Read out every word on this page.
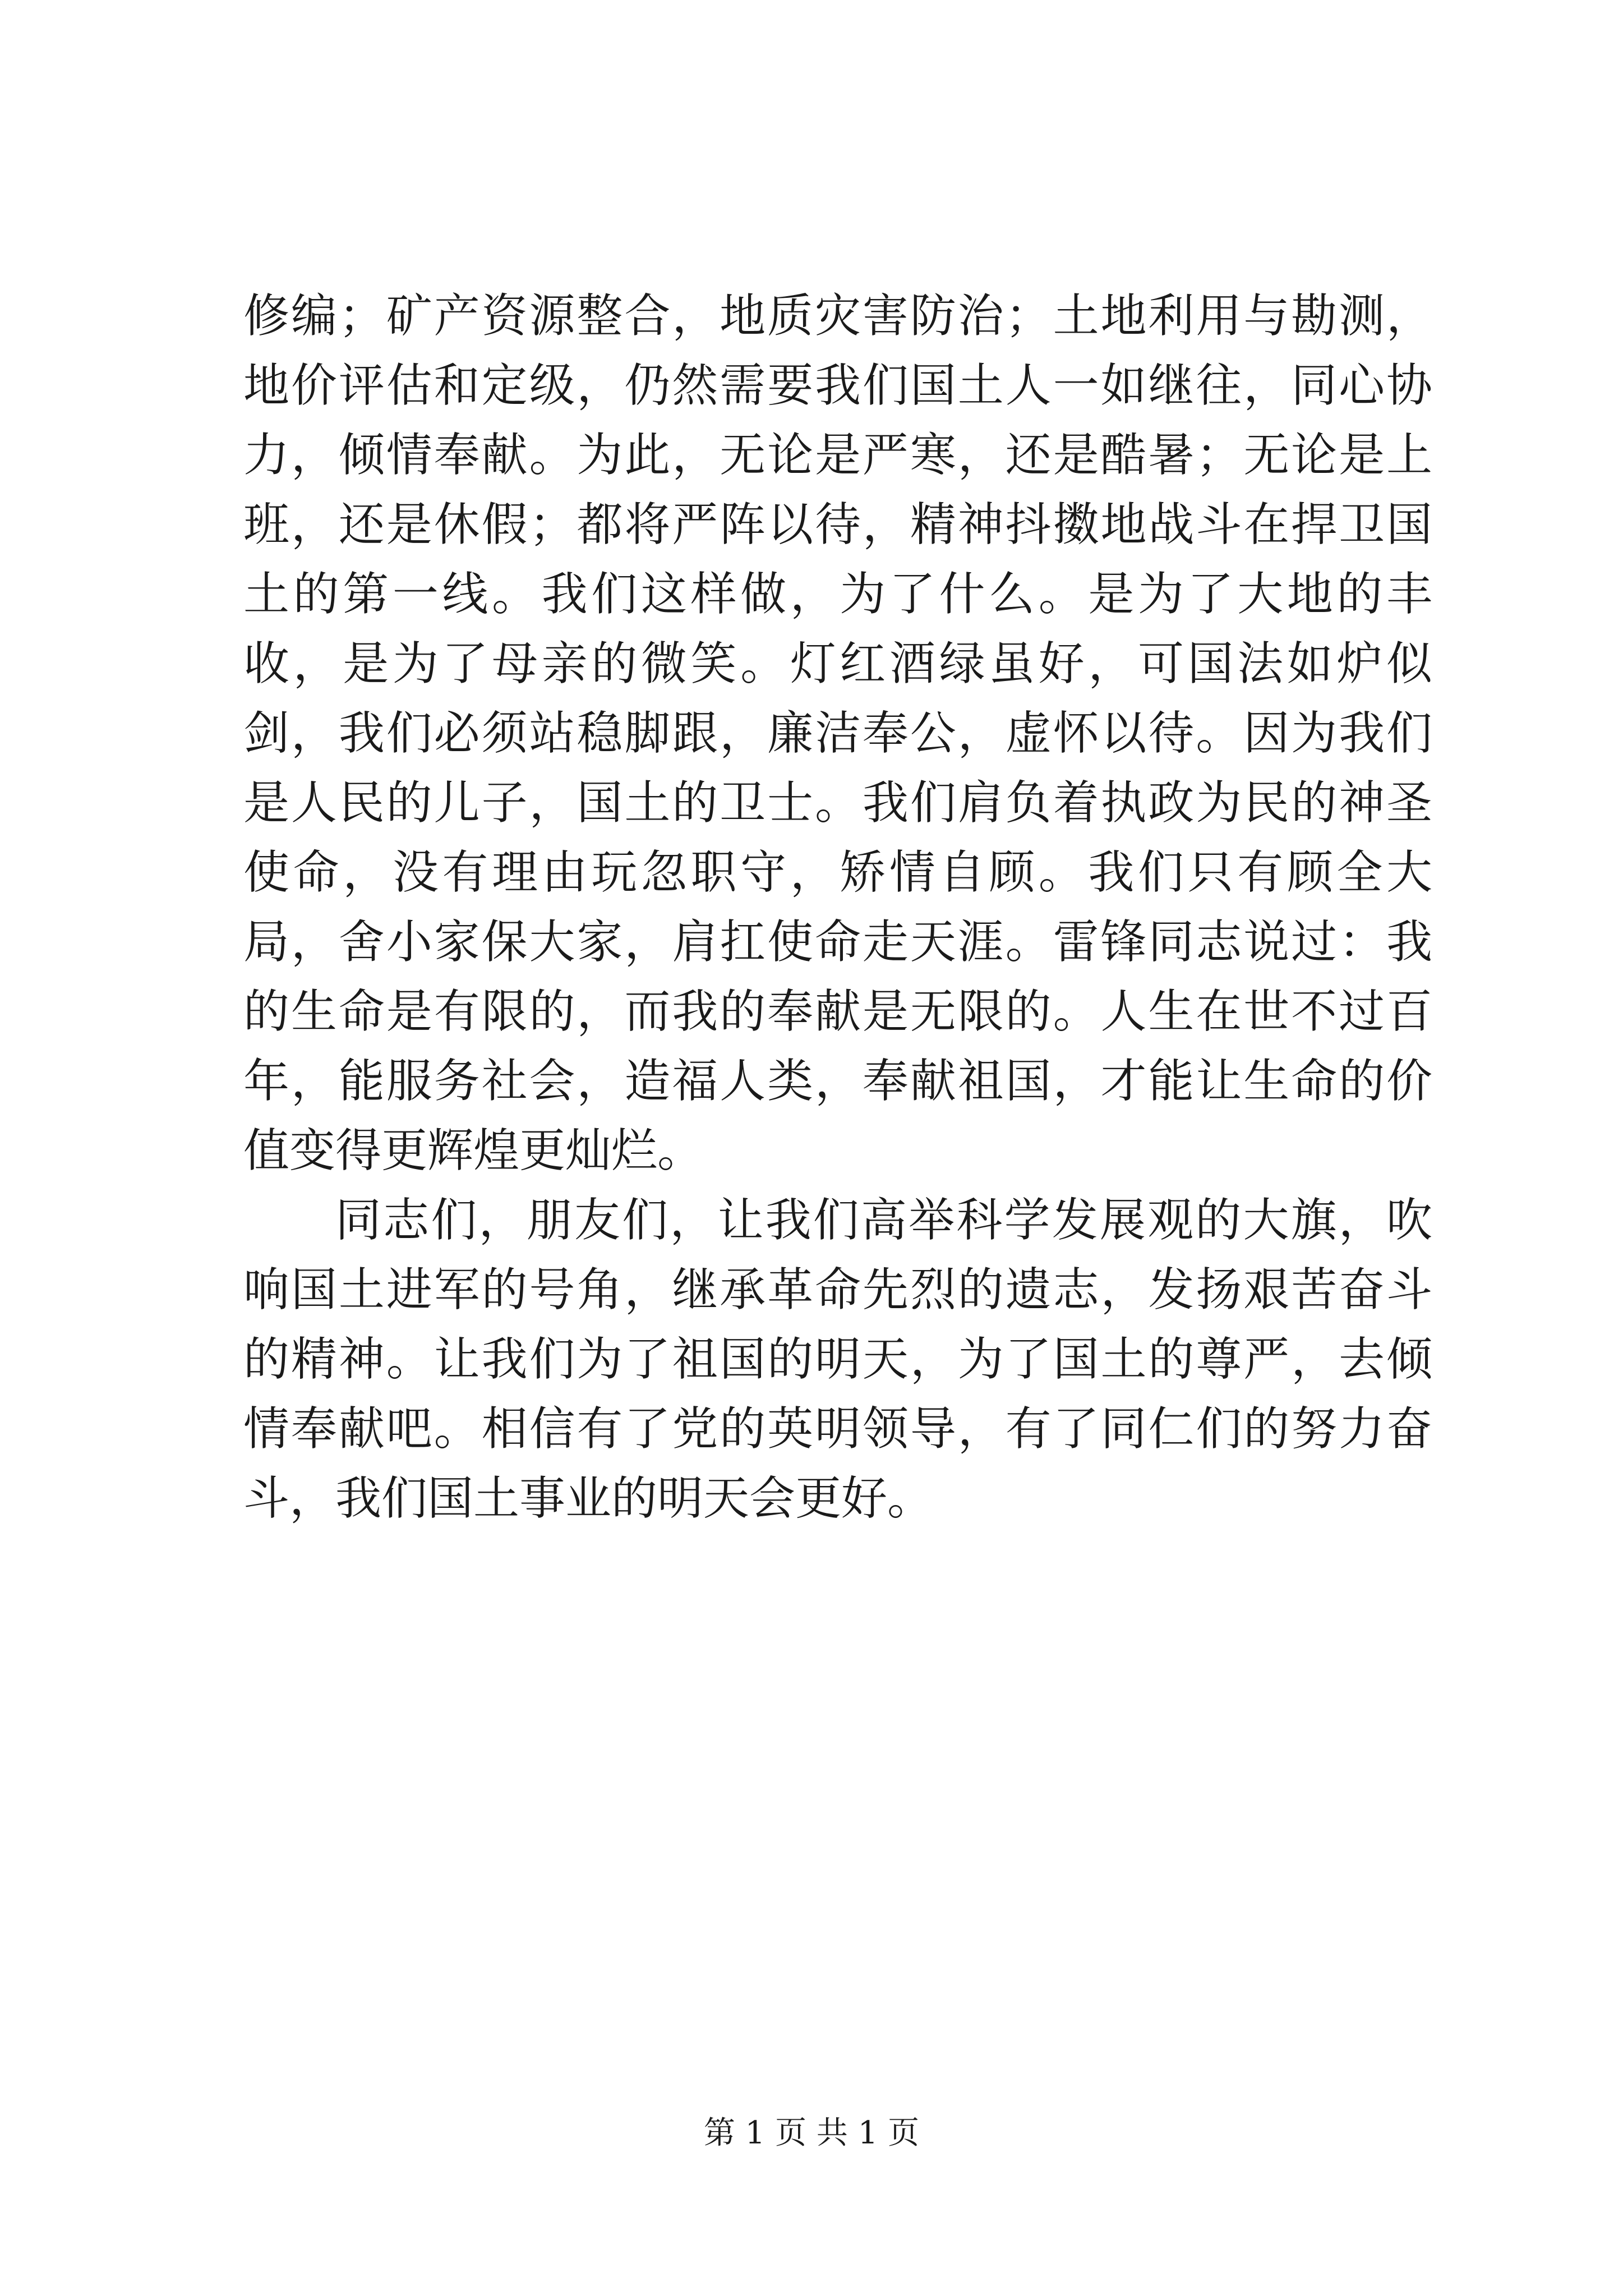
修编；矿产资源整合，地质灾害防治；土地利用与勘测，地价评估和定级，仍然需要我们国土人一如继往，同心协力，倾情奉献。为此，无论是严寒，还是酷暑；无论是上班，还是休假；都将严阵以待，精神抖擞地战斗在捍卫国土的第一线。我们这样做，为了什么。是为了大地的丰收，是为了母亲的微笑。灯红酒绿虽好，可国法如炉似剑，我们必须站稳脚跟，廉洁奉公，虚怀以待。因为我们是人民的儿子，国土的卫士。我们肩负着执政为民的神圣使命，没有理由玩忽职守，矫情自顾。我们只有顾全大局，舍小家保大家，肩扛使命走天涯。雷锋同志说过：我的生命是有限的，而我的奉献是无限的。人生在世不过百年，能服务社会，造福人类，奉献祖国，才能让生命的价值变得更辉煌更灿烂。

同志们，朋友们，让我们高举科学发展观的大旗，吹响国土进军的号角，继承革命先烈的遗志，发扬艰苦奋斗的精神。让我们为了祖国的明天，为了国土的尊严，去倾情奉献吧。相信有了党的英明领导，有了同仁们的努力奋斗，我们国土事业的明天会更好。

第 1 页 共 1 页
